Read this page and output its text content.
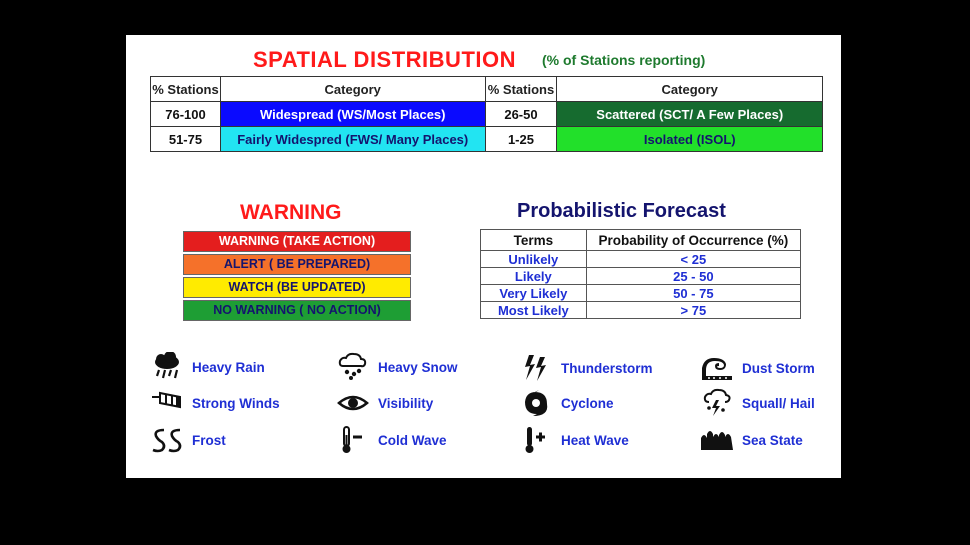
SPATIAL DISTRIBUTION (% of Stations reporting)
% Stations	Category	% Stations	Category
76-100	Widespread (WS/Most Places)	26-50	Scattered (SCT/ A Few Places)
51-75	Fairly Widespred (FWS/ Many Places)	1-25	Isolated (ISOL)
WARNING
WARNING (TAKE ACTION)
ALERT ( BE PREPARED)
WATCH (BE UPDATED)
NO WARNING ( NO ACTION)
Probabilistic Forecast
Terms	Probability of Occurrence (%)
Unlikely	< 25
Likely	25 - 50
Very Likely	50 - 75
Most Likely	> 75
Heavy Rain	Heavy Snow	Thunderstorm	Dust Storm
Strong Winds	Visibility	Cyclone	Squall/ Hail
Frost	Cold Wave	Heat Wave	Sea State
